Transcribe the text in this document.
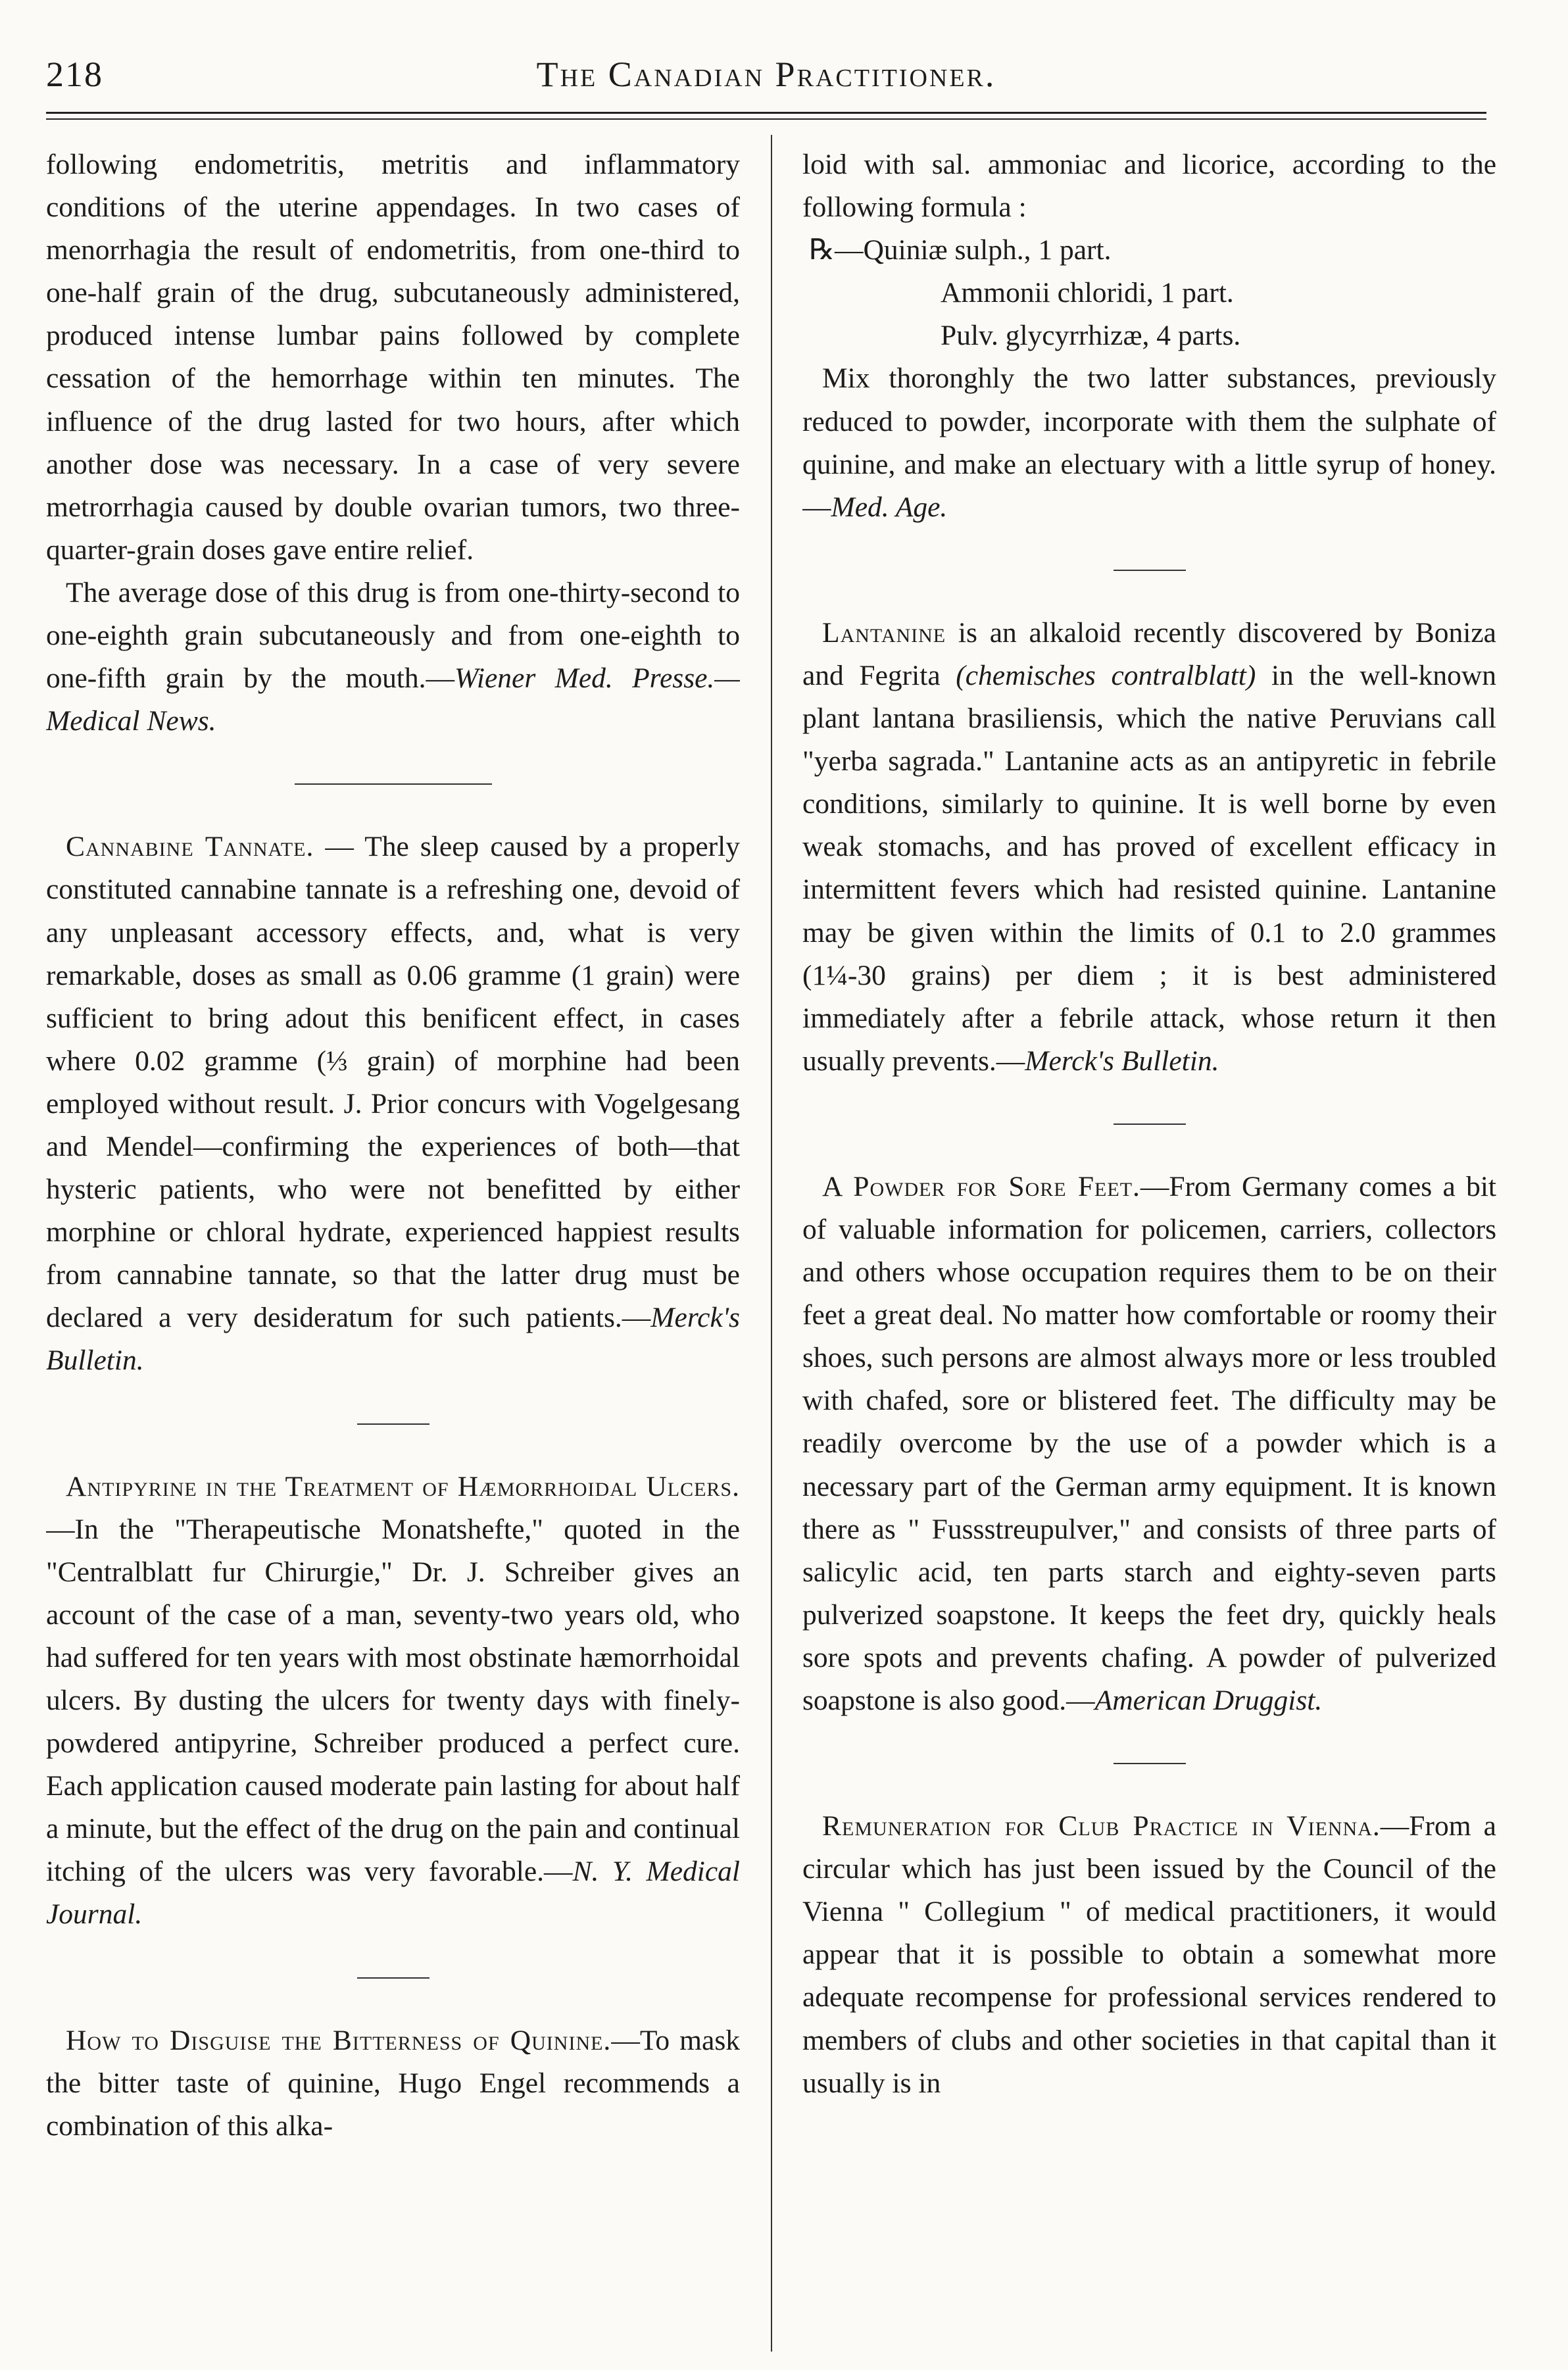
218	The Canadian Practitioner.

following endometritis, metritis and inflammatory conditions of the uterine appendages. In two cases of menorrhagia the result of endometritis, from one-third to one-half grain of the drug, subcutaneously administered, produced intense lumbar pains followed by complete cessation of the hemorrhage within ten minutes. The influence of the drug lasted for two hours, after which another dose was necessary. In a case of very severe metrorrhagia caused by double ovarian tumors, two three-quarter-grain doses gave entire relief.

The average dose of this drug is from one-thirty-second to one-eighth grain subcutaneously and from one-eighth to one-fifth grain by the mouth.—Wiener Med. Presse.—Medical News.

Cannabine Tannate. — The sleep caused by a properly constituted cannabine tannate is a refreshing one, devoid of any unpleasant accessory effects, and, what is very remarkable, doses as small as 0.06 gramme (1 grain) were sufficient to bring adout this benificent effect, in cases where 0.02 gramme (⅓ grain) of morphine had been employed without result. J. Prior concurs with Vogelgesang and Mendel—confirming the experiences of both—that hysteric patients, who were not benefitted by either morphine or chloral hydrate, experienced happiest results from cannabine tannate, so that the latter drug must be declared a very desideratum for such patients.—Merck's Bulletin.

Antipyrine in the Treatment of Hæmorrhoidal Ulcers.—In the "Therapeutische Monatshefte," quoted in the "Centralblatt fur Chirurgie," Dr. J. Schreiber gives an account of the case of a man, seventy-two years old, who had suffered for ten years with most obstinate hæmorrhoidal ulcers. By dusting the ulcers for twenty days with finely-powdered antipyrine, Schreiber produced a perfect cure. Each application caused moderate pain lasting for about half a minute, but the effect of the drug on the pain and continual itching of the ulcers was very favorable.—N. Y. Medical Journal.

How to Disguise the Bitterness of Quinine.—To mask the bitter taste of quinine, Hugo Engel recommends a combination of this alka-

loid with sal. ammoniac and licorice, according to the following formula :

℞—Quiniæ sulph., 1 part.
Ammonii chloridi, 1 part.
Pulv. glycyrrhizæ, 4 parts.

Mix thoronghly the two latter substances, previously reduced to powder, incorporate with them the sulphate of quinine, and make an electuary with a little syrup of honey.—Med. Age.

Lantanine is an alkaloid recently discovered by Boniza and Fegrita (chemisches contralblatt) in the well-known plant lantana brasiliensis, which the native Peruvians call "yerba sagrada." Lantanine acts as an antipyretic in febrile conditions, similarly to quinine. It is well borne by even weak stomachs, and has proved of excellent efficacy in intermittent fevers which had resisted quinine. Lantanine may be given within the limits of 0.1 to 2.0 grammes (1¼-30 grains) per diem ; it is best administered immediately after a febrile attack, whose return it then usually prevents.—Merck's Bulletin.

A Powder for Sore Feet.—From Germany comes a bit of valuable information for policemen, carriers, collectors and others whose occupation requires them to be on their feet a great deal. No matter how comfortable or roomy their shoes, such persons are almost always more or less troubled with chafed, sore or blistered feet. The difficulty may be readily overcome by the use of a powder which is a necessary part of the German army equipment. It is known there as " Fussstreupulver," and consists of three parts of salicylic acid, ten parts starch and eighty-seven parts pulverized soapstone. It keeps the feet dry, quickly heals sore spots and prevents chafing. A powder of pulverized soapstone is also good.—American Druggist.

Remuneration for Club Practice in Vienna.—From a circular which has just been issued by the Council of the Vienna " Collegium " of medical practitioners, it would appear that it is possible to obtain a somewhat more adequate recompense for professional services rendered to members of clubs and other societies in that capital than it usually is in
